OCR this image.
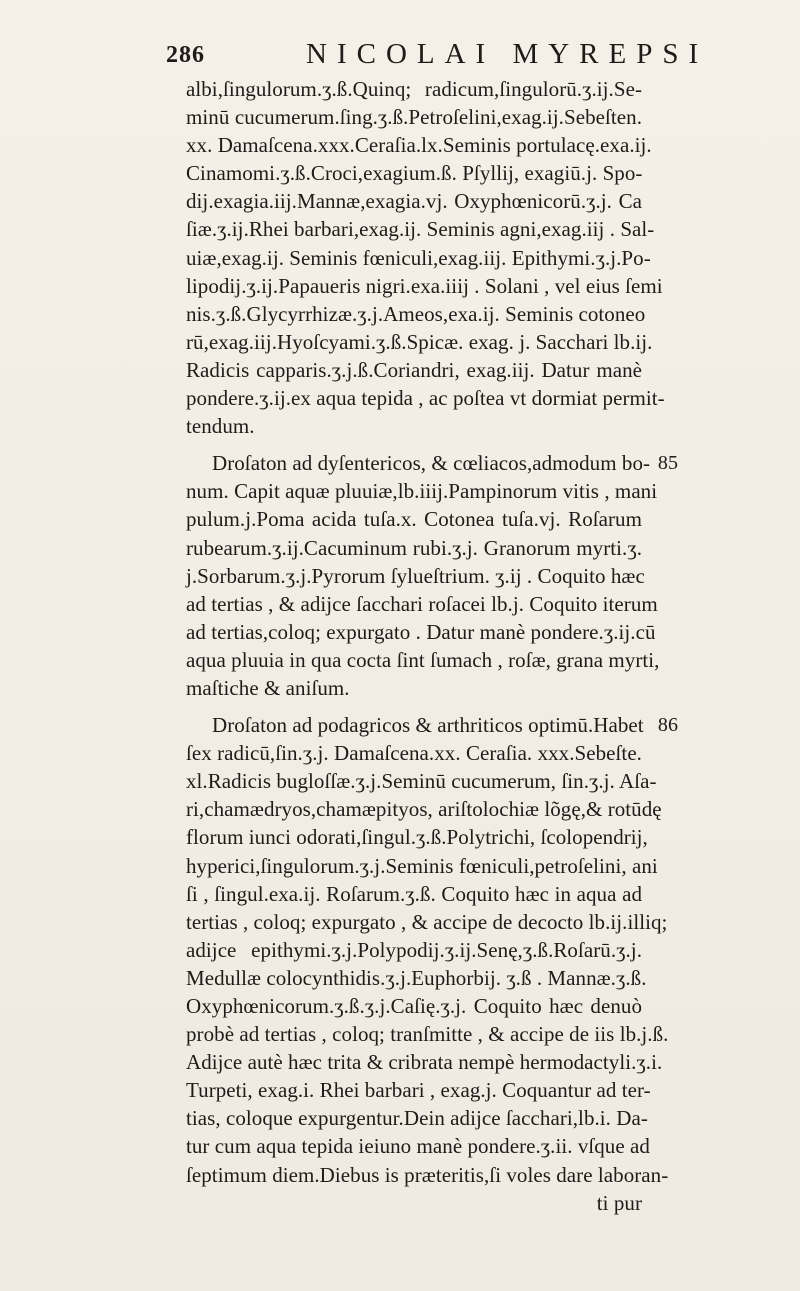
286	NICOLAI MYREPSI
albi,ſingulorum.ʒ.ß.Quinq; radicum,ſingulorū.ʒ.ij.Se-
minū cucumerum.ſing.ʒ.ß.Petroſelini,exag.ij.Sebeſten.
xx. Damaſcena.xxx.Ceraſia.lx.Seminis portulacę.exa.ij.
Cinamomi.ʒ.ß.Croci,exagium.ß. Pſyllij, exagiū.j. Spo-
dij.exagia.iij.Mannæ,exagia.vj. Oxyphœnicorū.ʒ.j. Ca
ſiæ.ʒ.ij.Rhei barbari,exag.ij. Seminis agni,exag.iij . Sal-
uiæ,exag.ij. Seminis fœniculi,exag.iij. Epithymi.ʒ.j.Po-
lipodij.ʒ.ij.Papaueris nigri.exa.iiij . Solani , vel eius ſemi
nis.ʒ.ß.Glycyrrhizæ.ʒ.j.Ameos,exa.ij. Seminis cotoneo
rū,exag.iij.Hyoſcyami.ʒ.ß.Spicæ. exag. j. Sacchari lb.ij.
Radicis capparis.ʒ.j.ß.Coriandri, exag.iij. Datur manè
pondere.ʒ.ij.ex aqua tepida , ac poſtea vt dormiat permit-
tendum.
Droſaton ad dyſentericos, & cœliacos,admodum bo- 85
num. Capit aquæ pluuiæ,lb.iiij.Pampinorum vitis , mani
pulum.j.Poma acida tuſa.x. Cotonea tuſa.vj. Roſarum
rubearum.ʒ.ij.Cacuminum rubi.ʒ.j. Granorum myrti.ʒ.
j.Sorbarum.ʒ.j.Pyrorum ſylueſtrium. ʒ.ij . Coquito hæc
ad tertias , & adijce ſacchari roſacei lb.j. Coquito iterum
ad tertias,coloq; expurgato . Datur manè pondere.ʒ.ij.cū
aqua pluuia in qua cocta ſint ſumach , roſæ, grana myrti,
maſtiche & aniſum.
Droſaton ad podagricos & arthriticos optimū.Habet 86
ſex radicū,ſin.ʒ.j. Damaſcena.xx. Ceraſia. xxx.Sebeſte.
xl.Radicis bugloſſæ.ʒ.j.Seminū cucumerum, ſin.ʒ.j. Aſa-
ri,chamædryos,chamæpityos, ariſtolochiæ lõgę,& rotūdę
florum iunci odorati,ſingul.ʒ.ß.Polytrichi, ſcolopendrij,
hyperici,ſingulorum.ʒ.j.Seminis fœniculi,petroſelini, ani
ſi , ſingul.exa.ij. Roſarum.ʒ.ß. Coquito hæc in aqua ad
tertias , coloq; expurgato , & accipe de decocto lb.ij.illiq;
adijce epithymi.ʒ.j.Polypodij.ʒ.ij.Senę,ʒ.ß.Roſarū.ʒ.j.
Medullæ colocynthidis.ʒ.j.Euphorbij. ʒ.ß . Mannæ.ʒ.ß.
Oxyphœnicorum.ʒ.ß.ʒ.j.Caſię.ʒ.j. Coquito hæc denuò
probè ad tertias , coloq; tranſmitte , & accipe de iis lb.j.ß.
Adijce autè hæc trita & cribrata nempè hermodactyli.ʒ.i.
Turpeti, exag.i. Rhei barbari , exag.j. Coquantur ad ter-
tias, coloque expurgentur.Dein adijce ſacchari,lb.i. Da-
tur cum aqua tepida ieiuno manè pondere.ʒ.ii. vſque ad
ſeptimum diem.Diebus is præteritis,ſi voles dare laboran-
ti pur
